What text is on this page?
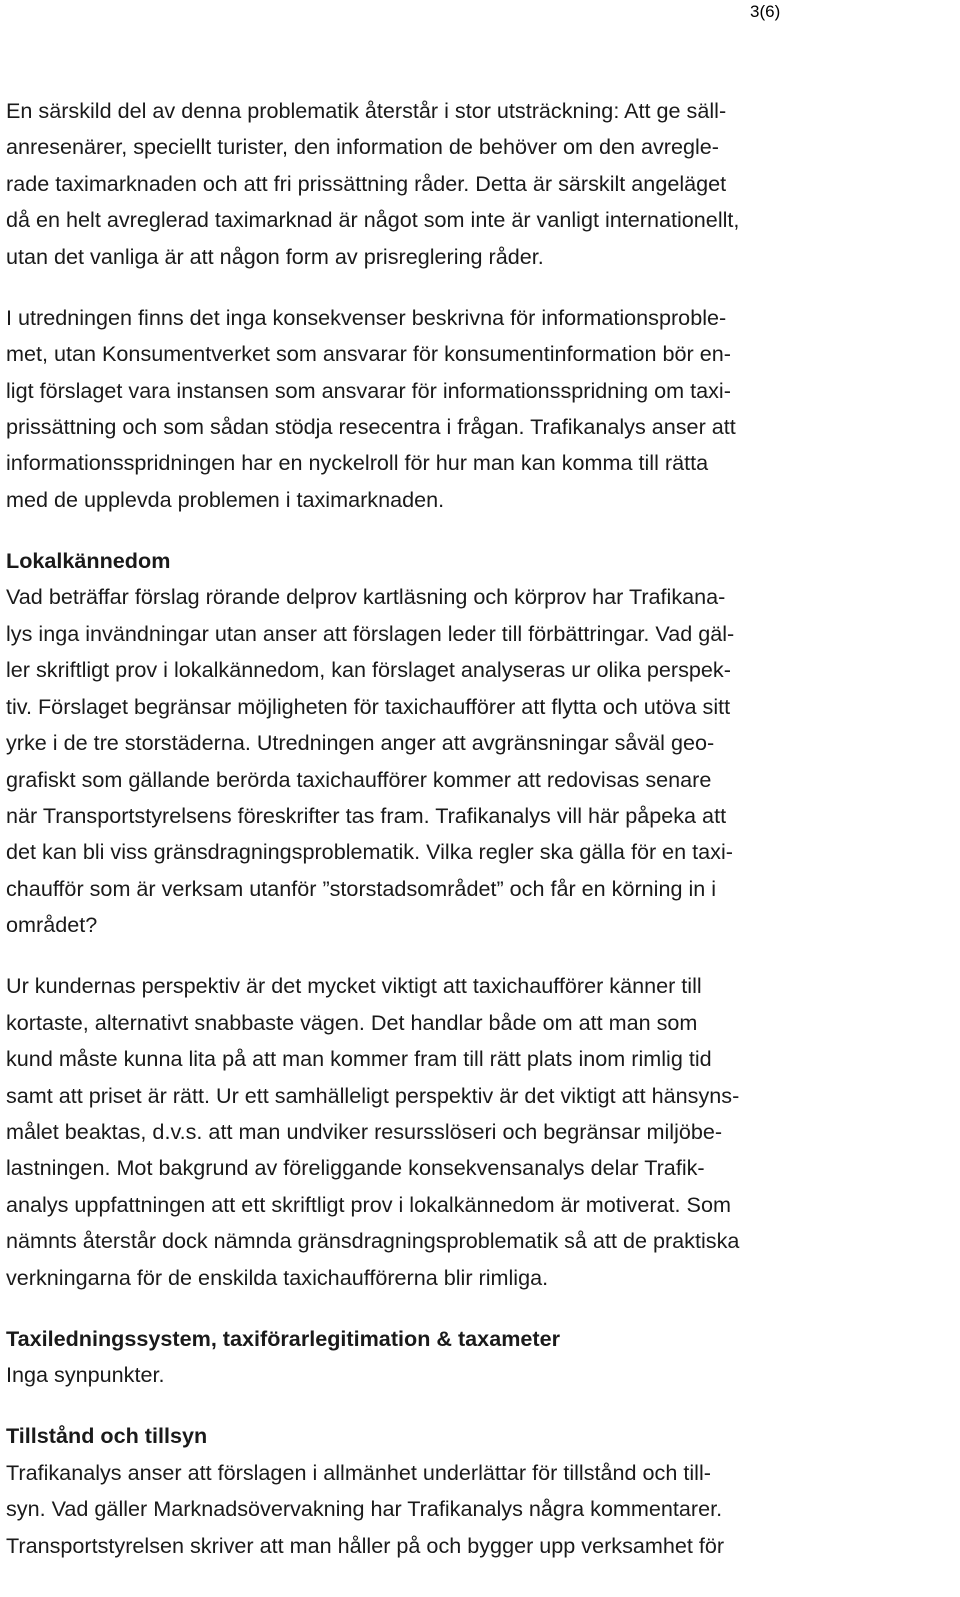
3(6)
En särskild del av denna problematik återstår i stor utsträckning: Att ge säll-
anresenärer, speciellt turister, den information de behöver om den avregle-
rade taximarknaden och att fri prissättning råder. Detta är särskilt angeläget
då en helt avreglerad taximarknad är något som inte är vanligt internationellt,
utan det vanliga är att någon form av prisreglering råder.
I utredningen finns det inga konsekvenser beskrivna för informationsproble-
met, utan Konsumentverket som ansvarar för konsumentinformation bör en-
ligt förslaget vara instansen som ansvarar för informationsspridning om taxi-
prissättning och som sådan stödja resecentra i frågan. Trafikanalys anser att
informationsspridningen har en nyckelroll för hur man kan komma till rätta
med de upplevda problemen i taximarknaden.
Lokalkännedom
Vad beträffar förslag rörande delprov kartläsning och körprov har Trafikana-
lys inga invändningar utan anser att förslagen leder till förbättringar. Vad gäl-
ler skriftligt prov i lokalkännedom, kan förslaget analyseras ur olika perspek-
tiv. Förslaget begränsar möjligheten för taxichaufförer att flytta och utöva sitt
yrke i de tre storstäderna. Utredningen anger att avgränsningar såväl geo-
grafiskt som gällande berörda taxichaufförer kommer att redovisas senare
när Transportstyrelsens föreskrifter tas fram. Trafikanalys vill här påpeka att
det kan bli viss gränsdragningsproblematik. Vilka regler ska gälla för en taxi-
chaufför som är verksam utanför ”storstadsområdet” och får en körning in i
området?
Ur kundernas perspektiv är det mycket viktigt att taxichaufförer känner till
kortaste, alternativt snabbaste vägen. Det handlar både om att man som
kund måste kunna lita på att man kommer fram till rätt plats inom rimlig tid
samt att priset är rätt. Ur ett samhälleligt perspektiv är det viktigt att hänsyns-
målet beaktas, d.v.s. att man undviker resursslöseri och begränsar miljöbe-
lastningen. Mot bakgrund av föreliggande konsekvensanalys delar Trafik-
analys uppfattningen att ett skriftligt prov i lokalkännedom är motiverat. Som
nämnts återstår dock nämnda gränsdragningsproblematik så att de praktiska
verkningarna för de enskilda taxichaufförerna blir rimliga.
Taxiledningssystem, taxiförarlegitimation & taxameter
Inga synpunkter.
Tillstånd och tillsyn
Trafikanalys anser att förslagen i allmänhet underlättar för tillstånd och till-
syn. Vad gäller Marknadsövervakning har Trafikanalys några kommentarer.
Transportstyrelsen skriver att man håller på och bygger upp verksamhet för
